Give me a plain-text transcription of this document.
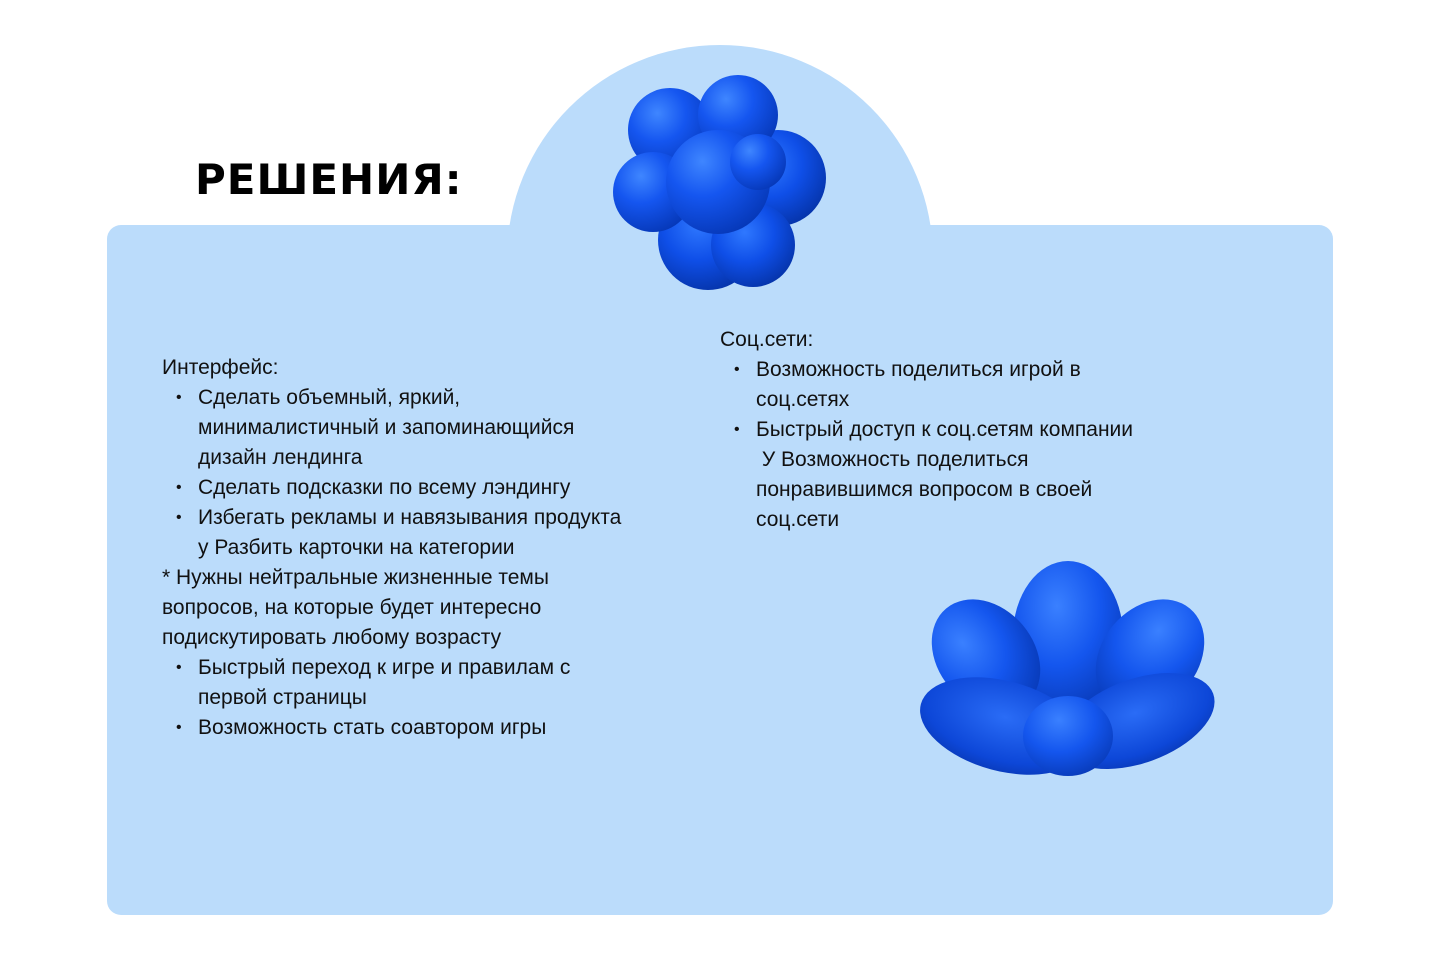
РЕШЕНИЯ:
Интерфейс:
• Сделать объемный, яркий, минималистичный и запоминающийся дизайн лендинга
• Сделать подсказки по всему лэндингу
• Избегать рекламы и навязывания продукта у Разбить карточки на категории
* Нужны нейтральные жизненные темы вопросов, на которые будет интересно подискутировать любому возрасту
• Быстрый переход к игре и правилам с первой страницы
• Возможность стать соавтором игры
Соц.сети:
• Возможность поделиться игрой в соц.сетях
• Быстрый доступ к соц.сетям компании
У Возможность поделиться понравившимся вопросом в своей соц.сети
